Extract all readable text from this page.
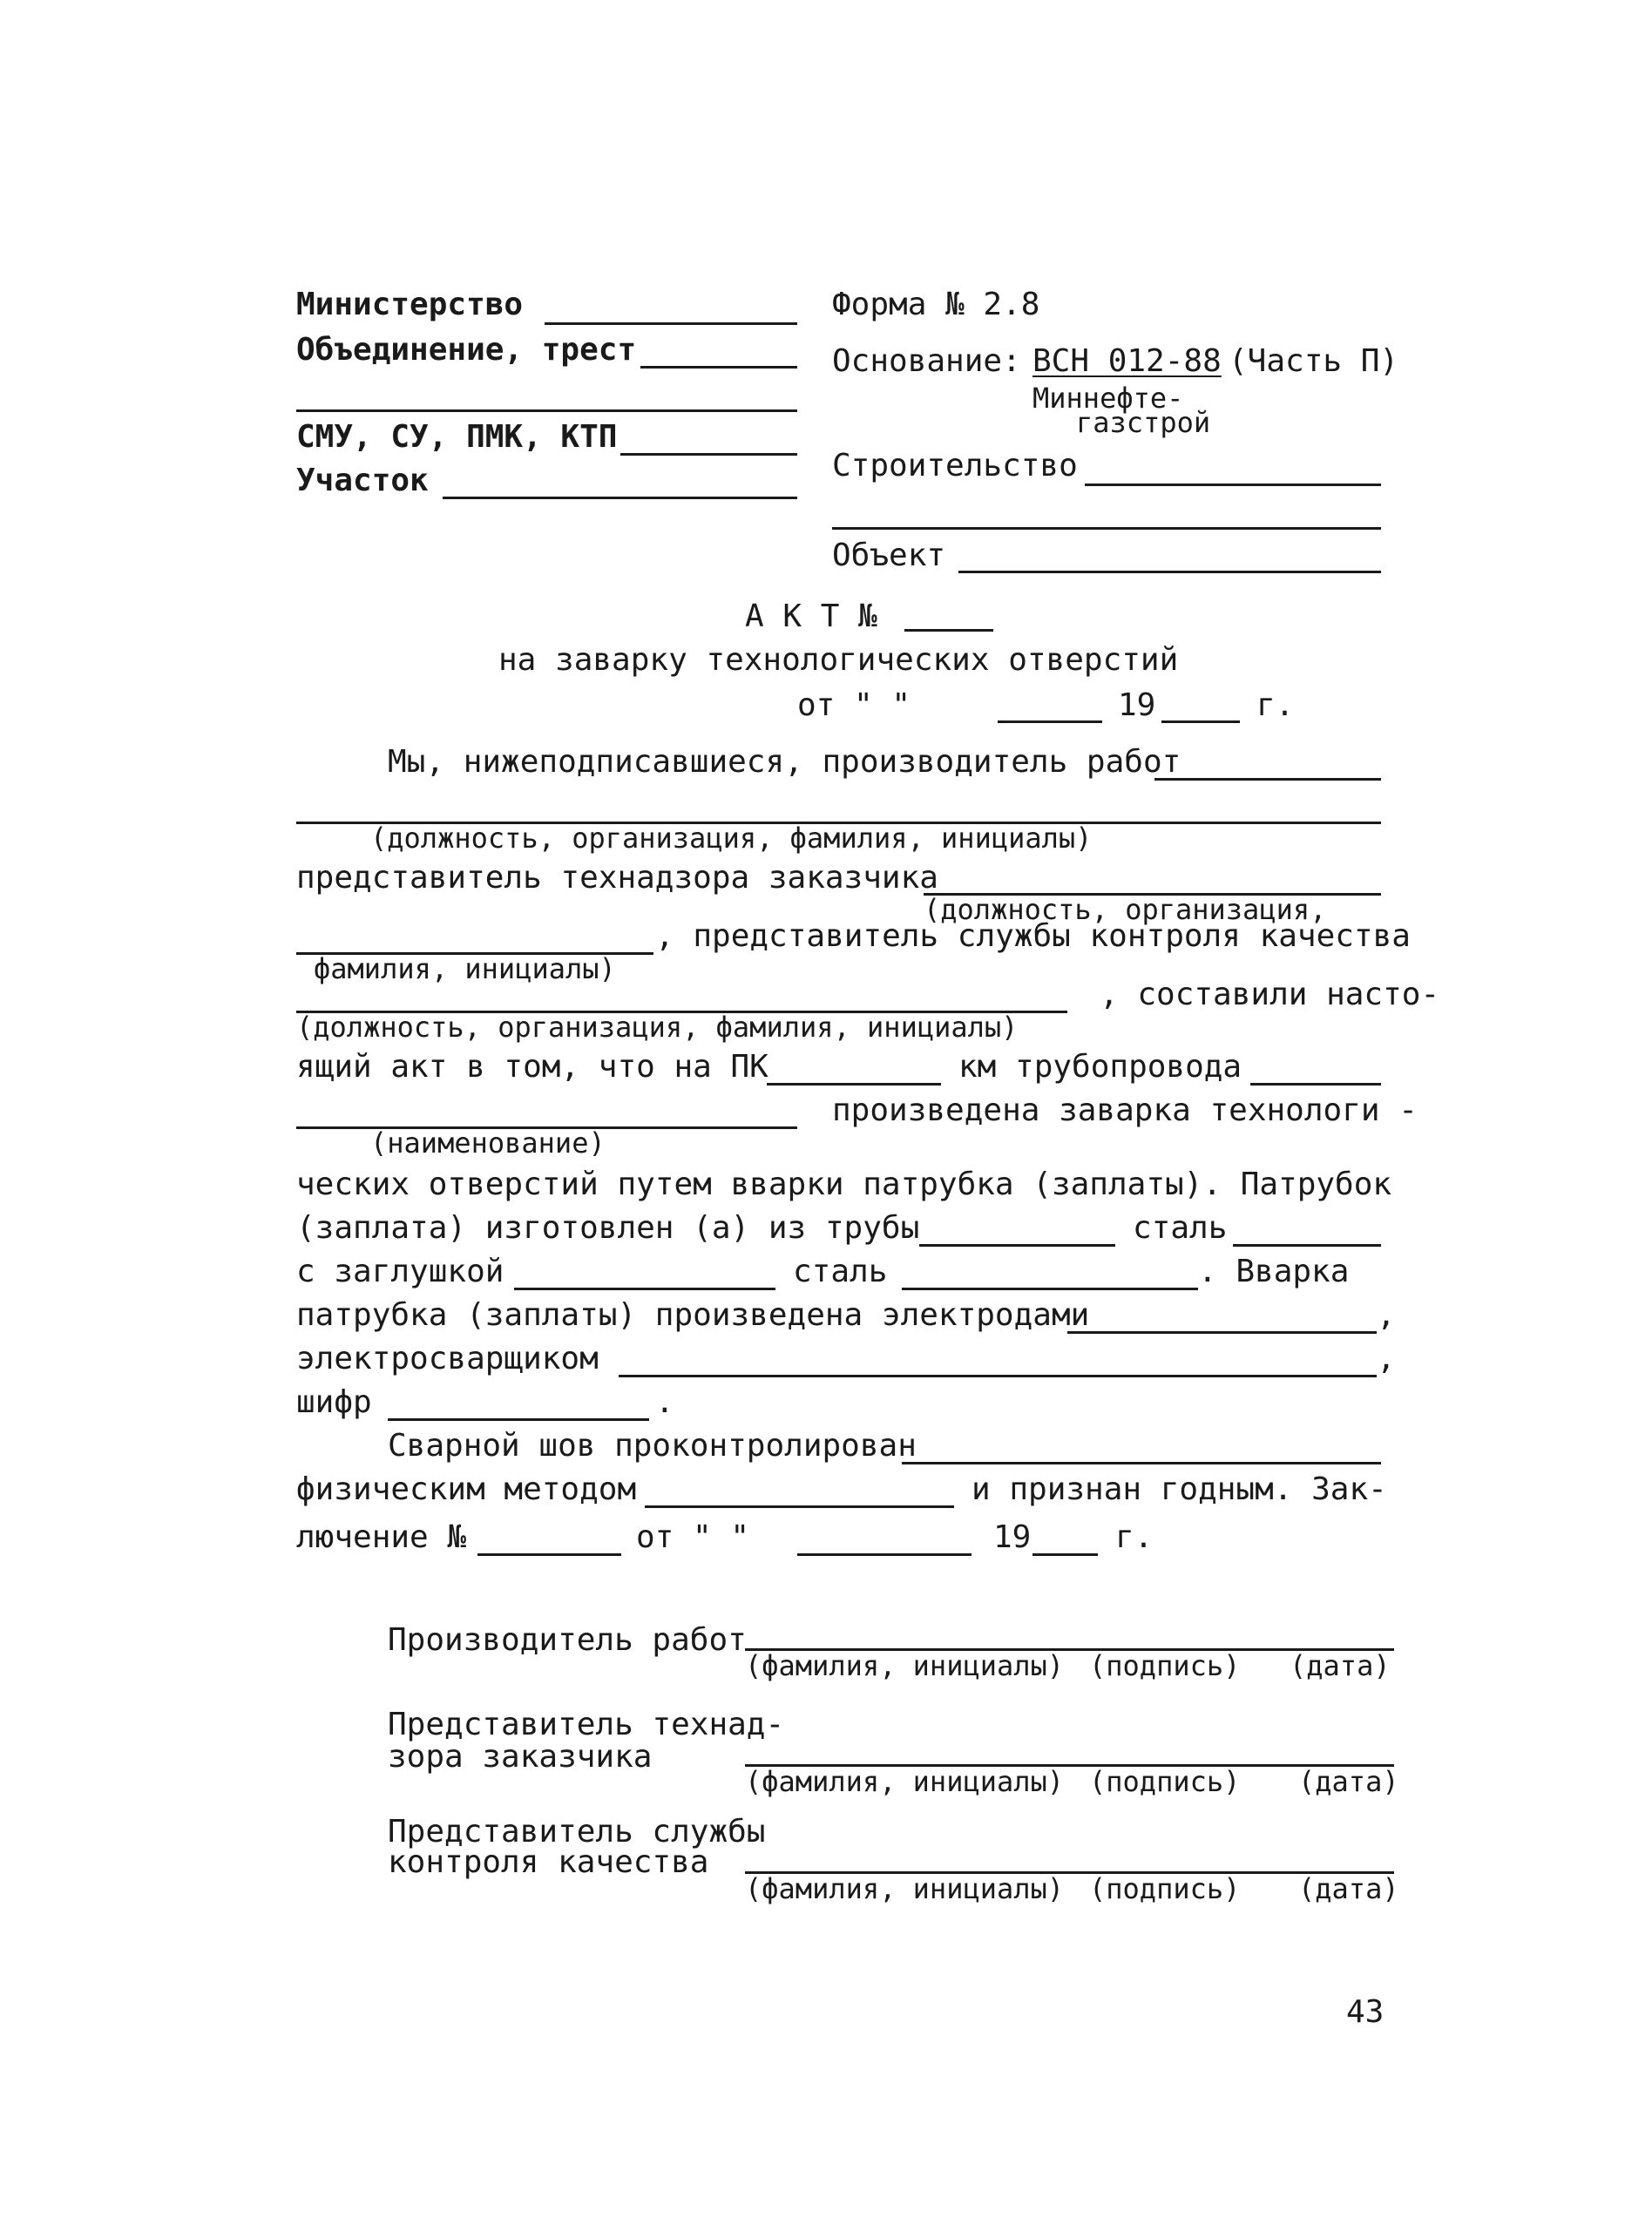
Министерство
Объединение, трест
СМУ, СУ, ПМК, КТП
Участок
Форма № 2.8
Основание: ВСН 012-88 (Часть П)
Миннефте-
газстрой
Строительство
Объект
А К Т №
на заварку технологических отверстий
от " "	19	г.
Мы, нижеподписавшиеся, производитель работ
(должность, организация, фамилия, инициалы)
представитель технадзора заказчика
(должность, организация,
, представитель службы контроля качества
фамилия, инициалы)
, составили насто-
(должность, организация, фамилия, инициалы)
ящий акт в том, что на ПК	км трубопровода
произведена заварка технологи -
(наименование)
ческих отверстий путем вварки патрубка (заплаты). Патрубок
(заплата) изготовлен (а) из трубы	сталь
с заглушкой	сталь	. Вварка
патрубка (заплаты) произведена электродами	,
электросварщиком	,
шифр	.
Сварной шов проконтролирован
физическим методом	и признан годным. Зак-
лючение №	от " "	19	г.
Производитель работ
(фамилия, инициалы) (подпись) (дата)
Представитель технад-
зора заказчика
(фамилия, инициалы) (подпись) (дата)
Представитель службы
контроля качества
(фамилия, инициалы) (подпись) (дата)
43
